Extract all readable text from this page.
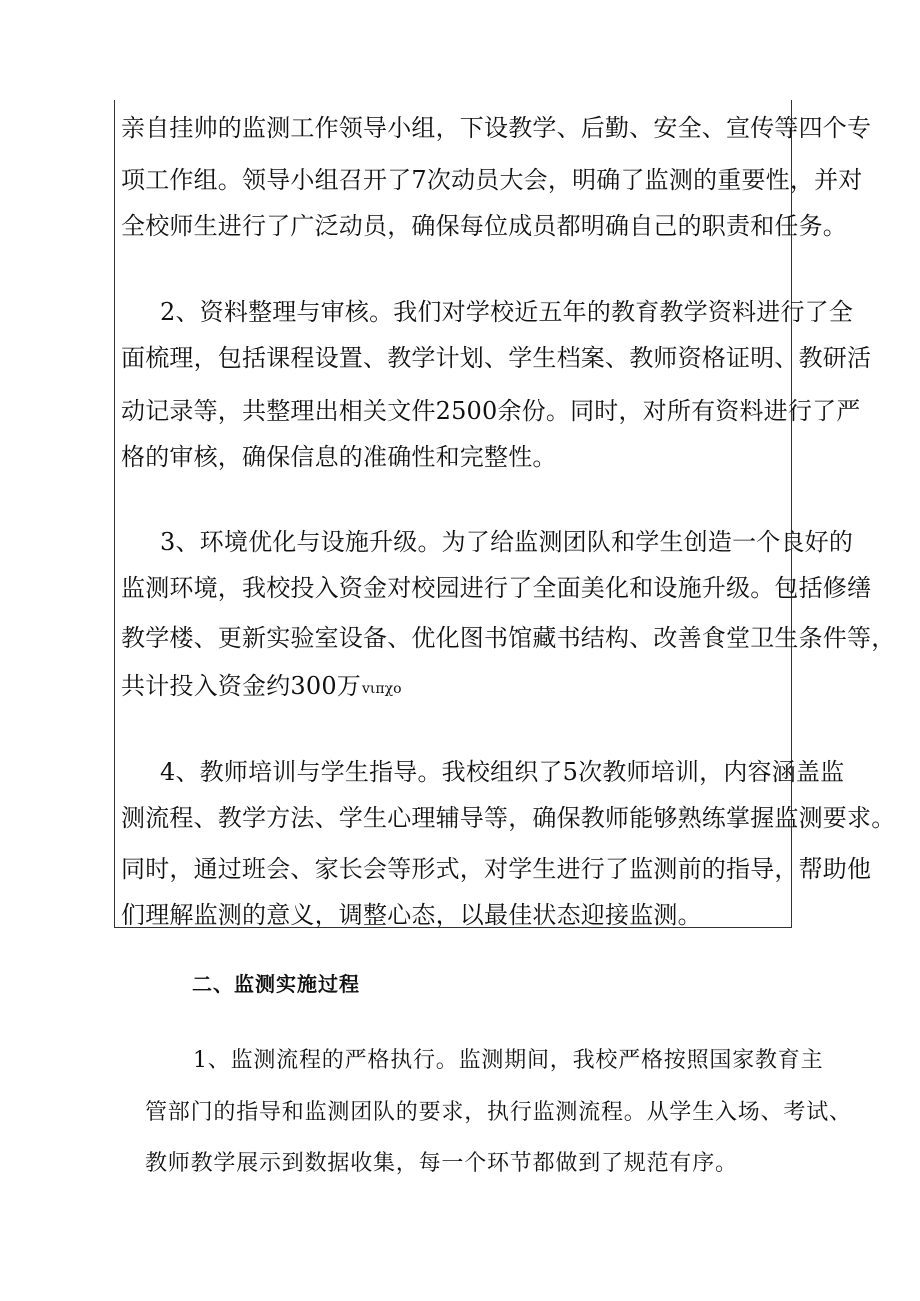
亲自挂帅的监测工作领导小组，下设教学、后勤、安全、宣传等四个专
项工作组。领导小组召开了7次动员大会，明确了监测的重要性，并对
全校师生进行了广泛动员，确保每位成员都明确自己的职责和任务。
2、资料整理与审核。我们对学校近五年的教育教学资料进行了全
面梳理，包括课程设置、教学计划、学生档案、教师资格证明、教研活
动记录等，共整理出相关文件2500余份。同时，对所有资料进行了严
格的审核，确保信息的准确性和完整性。
3、环境优化与设施升级。为了给监测团队和学生创造一个良好的
监测环境，我校投入资金对校园进行了全面美化和设施升级。包括修缮
教学楼、更新实验室设备、优化图书馆藏书结构、改善食堂卫生条件等，
共计投入资金约300万vιπχo
4、教师培训与学生指导。我校组织了5次教师培训，内容涵盖监
测流程、教学方法、学生心理辅导等，确保教师能够熟练掌握监测要求。
同时，通过班会、家长会等形式，对学生进行了监测前的指导，帮助他
们理解监测的意义，调整心态，以最佳状态迎接监测。
二、监测实施过程
1、监测流程的严格执行。监测期间，我校严格按照国家教育主
管部门的指导和监测团队的要求，执行监测流程。从学生入场、考试、
教师教学展示到数据收集，每一个环节都做到了规范有序。
